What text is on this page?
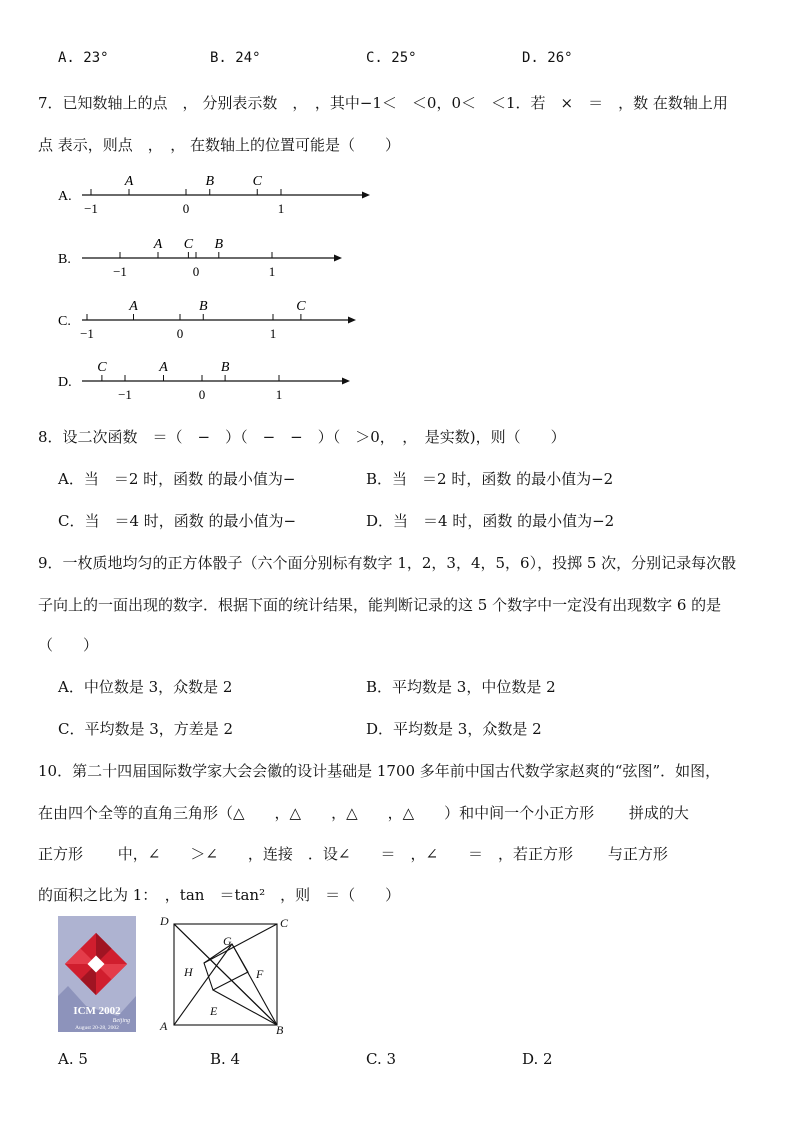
A. 23°	B. 24°	C. 25°	D. 26°
7．已知数轴上的点　， 分别表示数　，　，其中−1＜　＜0，0＜　＜1．若　×　＝　，数 在数轴上用
点 表示，则点　，　， 在数轴上的位置可能是（　　）
A.
−1	0	1
A	B	C
B.
−1	0	1
A C B
C.
−1	0	1
A	B	C
D.
−1	0	1
C	A	B
8．设二次函数　＝（　−　）（　−　−　）（　＞0，　，　是实数)，则（　　）
A．当　＝2 时，函数 的最小值为−	B．当　＝2 时，函数 的最小值为−2
C．当　＝4 时，函数 的最小值为−	D．当　＝4 时，函数 的最小值为−2
9．一枚质地均匀的正方体骰子（六个面分别标有数字 1，2，3，4，5，6），投掷 5 次，分别记录每次骰
子向上的一面出现的数字．根据下面的统计结果，能判断记录的这 5 个数字中一定没有出现数字 6 的是
（　　）
A．中位数是 3，众数是 2	B．平均数是 3，中位数是 2
C．平均数是 3，方差是 2	D．平均数是 3，众数是 2
10．第二十四届国际数学家大会会徽的设计基础是 1700 多年前中国古代数学家赵爽的“弦图”．如图，
在由四个全等的直角三角形（△　　，△　　，△　　，△　　）和中间一个小正方形　　 拼成的大
正方形　　 中，∠　　＞∠　　，连接　．设∠　　＝　，∠　　＝　，若正方形　　 与正方形
的面积之比为 1：　，tan　＝tan²　，则　＝（　　）
ICM 2002
Beijing
August 20-28, 2002
D	C
G
H	F
E
A	B
A. 5	B. 4	C. 3	D. 2
